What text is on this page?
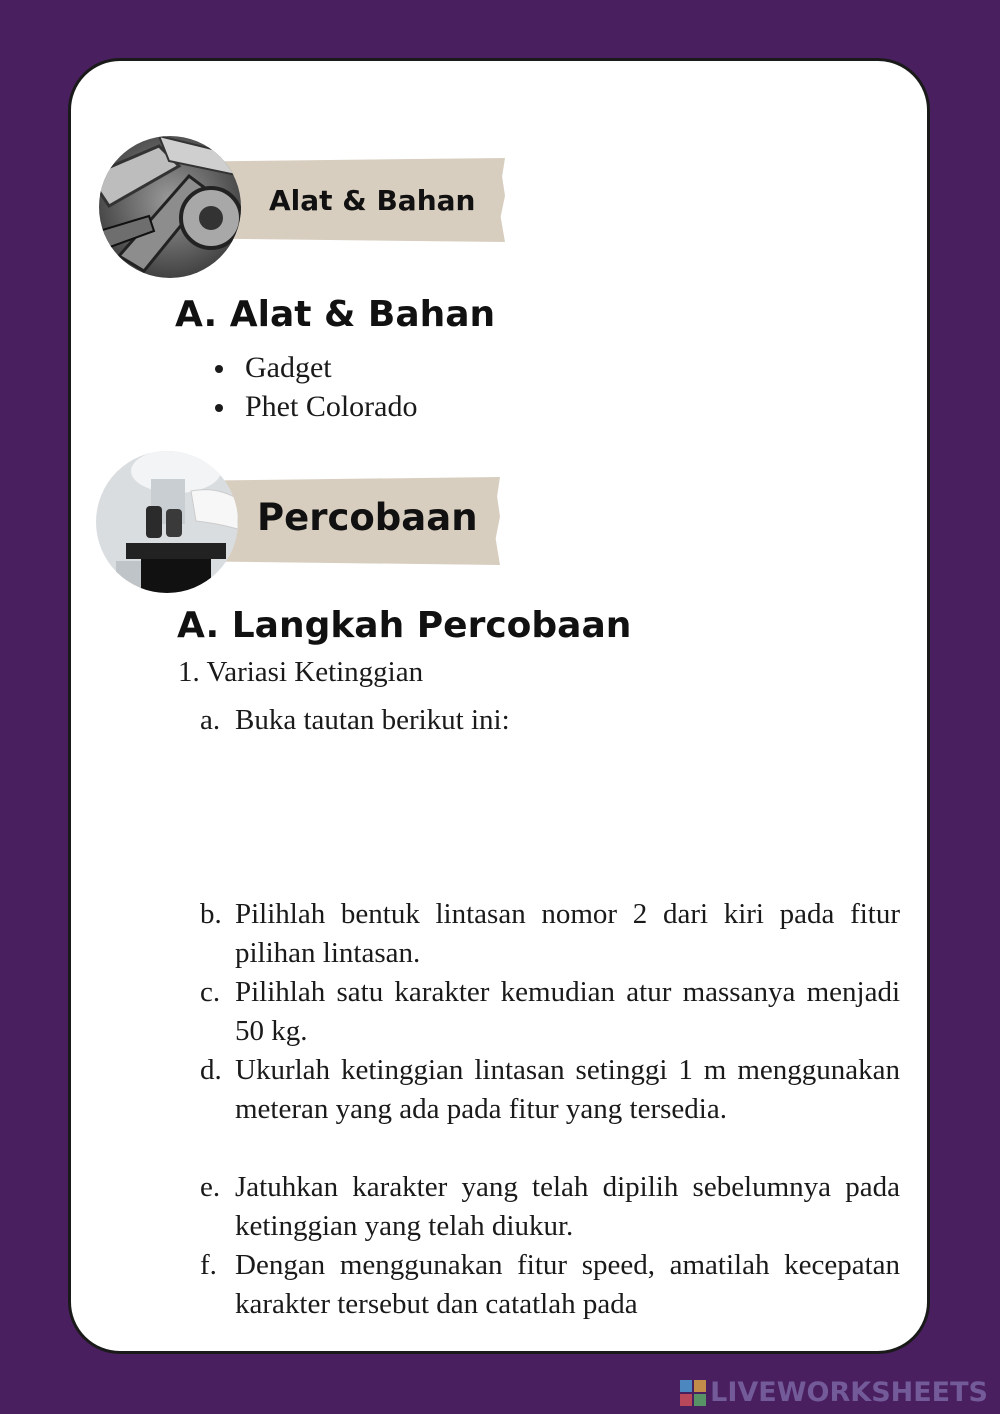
Alat & Bahan
A. Alat & Bahan
Gadget
Phet Colorado
Percobaan
A. Langkah Percobaan
1. Variasi Ketinggian
a. Buka tautan berikut ini:
b. Pilihlah bentuk lintasan nomor 2 dari kiri pada fitur pilihan lintasan.
c. Pilihlah satu karakter kemudian atur massanya menjadi 50 kg.
d. Ukurlah ketinggian lintasan setinggi 1 m menggunakan meteran yang ada pada fitur yang tersedia.
e. Jatuhkan karakter yang telah dipilih sebelumnya pada ketinggian yang telah diukur.
f. Dengan menggunakan fitur speed, amatilah kecepatan karakter tersebut dan catatlah pada
LIVEWORKSHEETS
